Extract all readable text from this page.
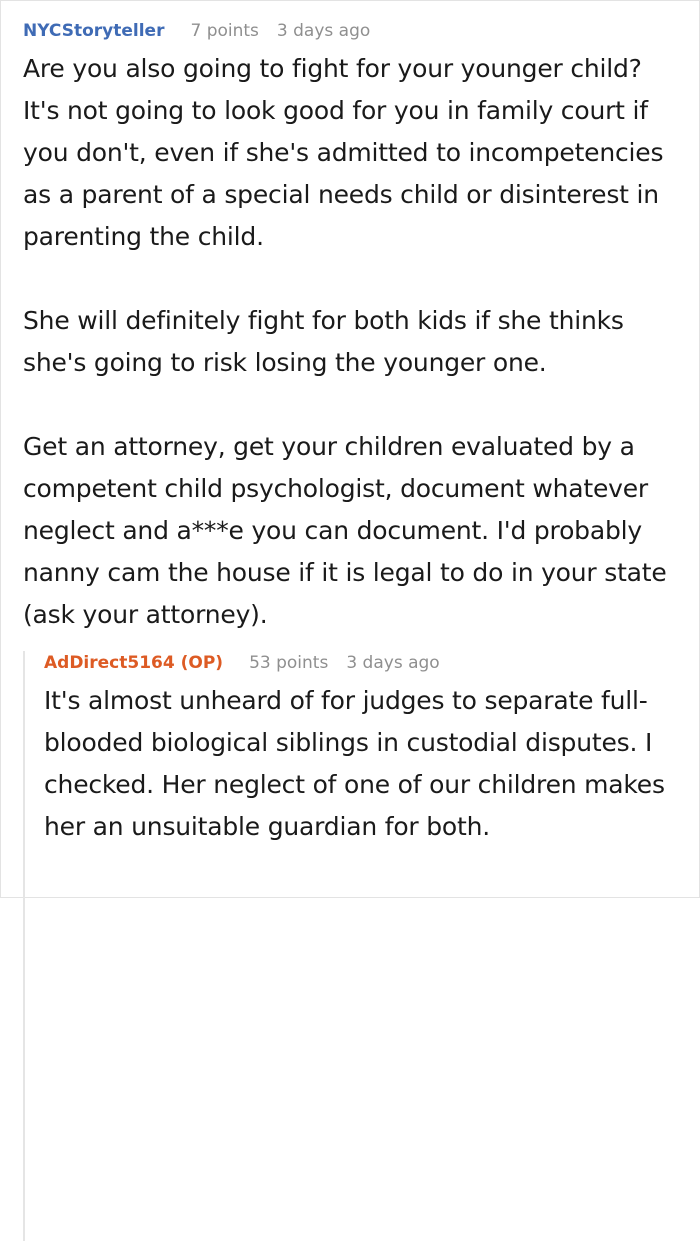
NYCStoryteller 7 points 3 days ago

Are you also going to fight for your younger child? It's not going to look good for you in family court if you don't, even if she's admitted to incompetencies as a parent of a special needs child or disinterest in parenting the child.

She will definitely fight for both kids if she thinks she's going to risk losing the younger one.

Get an attorney, get your children evaluated by a competent child psychologist, document whatever neglect and a***e you can document. I'd probably nanny cam the house if it is legal to do in your state (ask your attorney).

AdDirect5164 (OP) 53 points 3 days ago

It's almost unheard of for judges to separate full-blooded biological siblings in custodial disputes. I checked. Her neglect of one of our children makes her an unsuitable guardian for both.
